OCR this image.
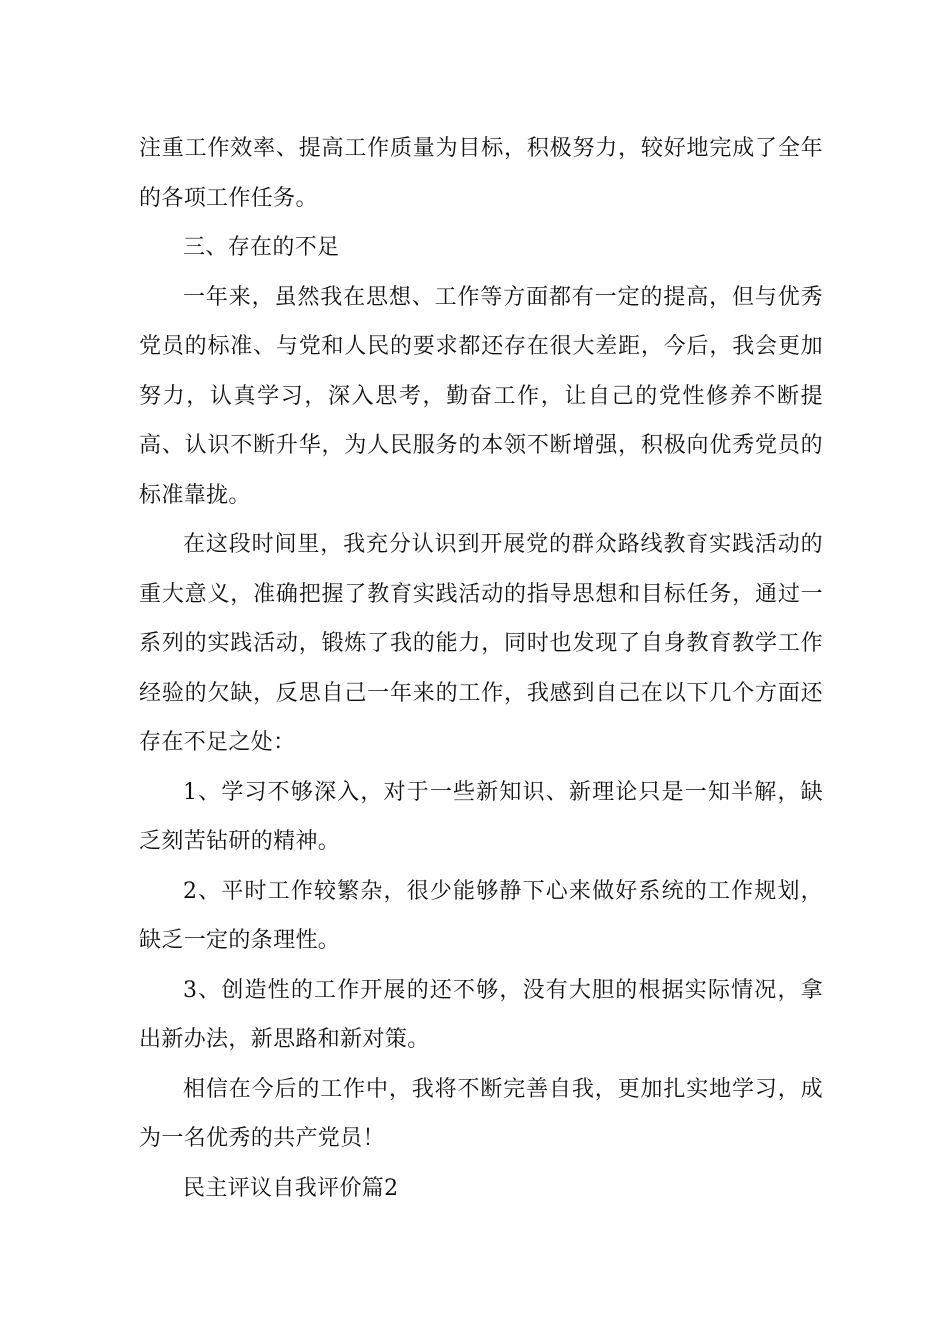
注重工作效率、提高工作质量为目标，积极努力，较好地完成了全年的各项工作任务。

三、存在的不足

一年来，虽然我在思想、工作等方面都有一定的提高，但与优秀党员的标准、与党和人民的要求都还存在很大差距，今后，我会更加努力，认真学习，深入思考，勤奋工作，让自己的党性修养不断提高、认识不断升华，为人民服务的本领不断增强，积极向优秀党员的标准靠拢。

在这段时间里，我充分认识到开展党的群众路线教育实践活动的重大意义，准确把握了教育实践活动的指导思想和目标任务，通过一系列的实践活动，锻炼了我的能力，同时也发现了自身教育教学工作经验的欠缺，反思自己一年来的工作，我感到自己在以下几个方面还存在不足之处：

1、学习不够深入，对于一些新知识、新理论只是一知半解，缺乏刻苦钻研的精神。

2、平时工作较繁杂，很少能够静下心来做好系统的工作规划，缺乏一定的条理性。

3、创造性的工作开展的还不够，没有大胆的根据实际情况，拿出新办法，新思路和新对策。

相信在今后的工作中，我将不断完善自我，更加扎实地学习，成为一名优秀的共产党员！

民主评议自我评价篇2
